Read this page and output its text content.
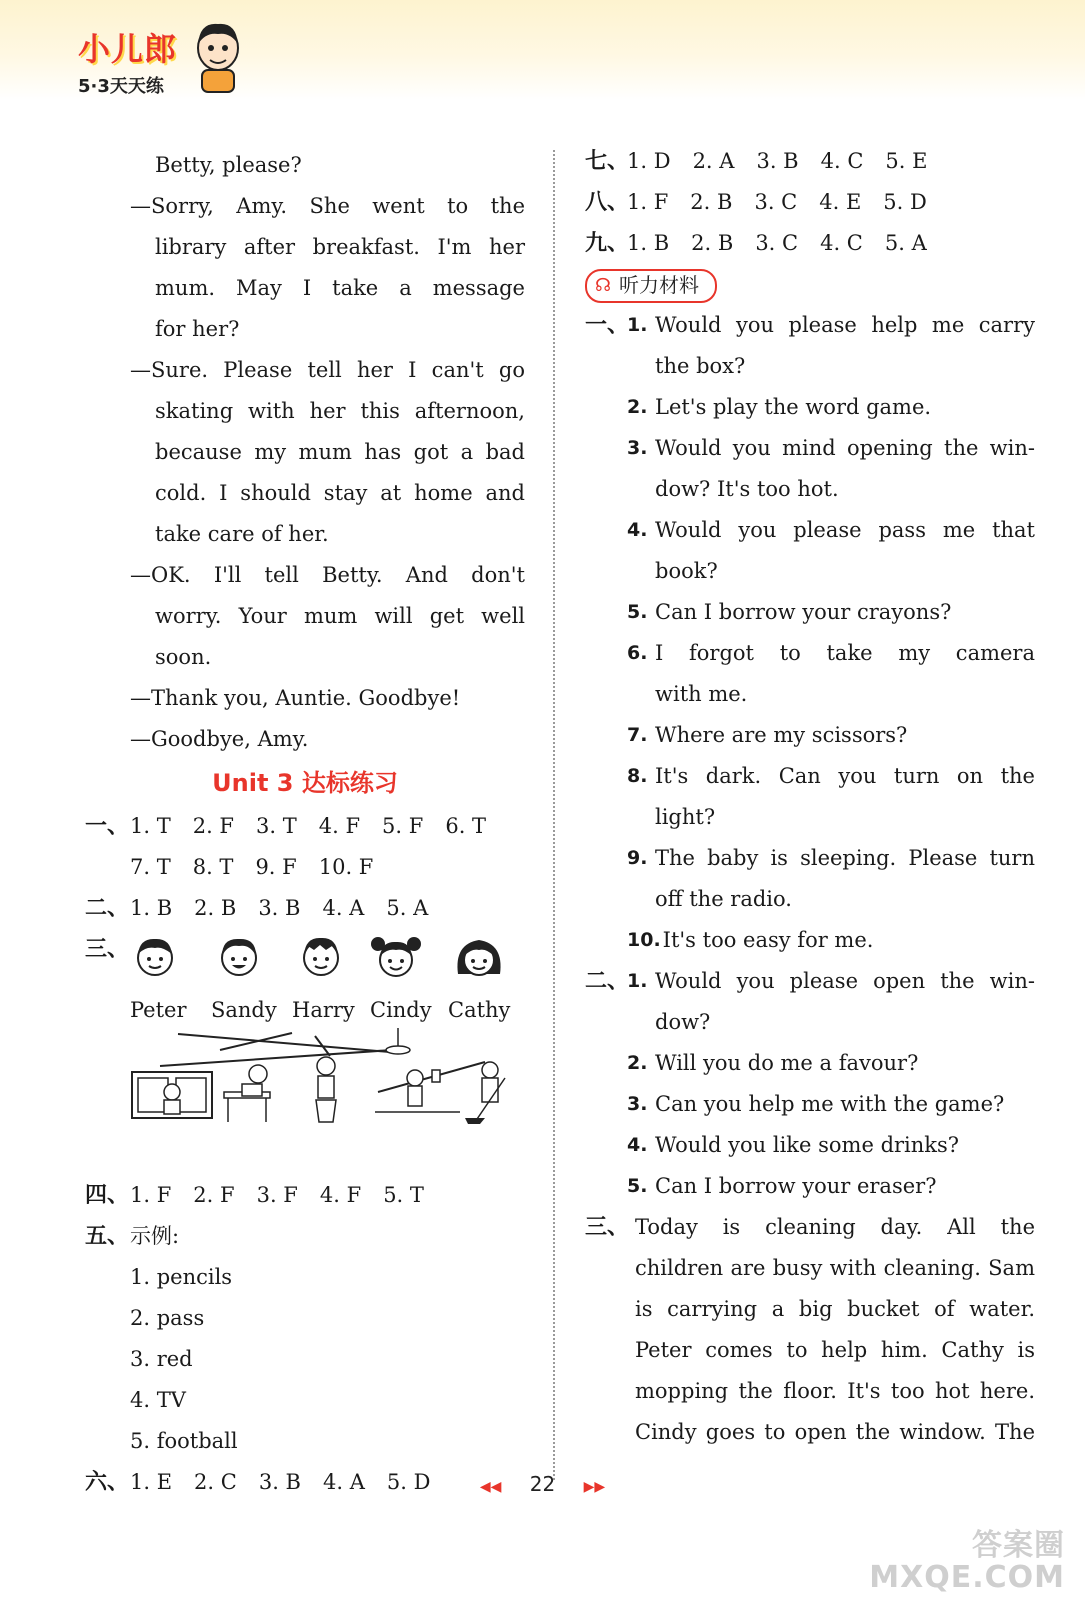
小儿郎
5·3天天练
Betty, please?
—Sorry, Amy. She went to the
library after breakfast. I'm her
mum. May I take a message
for her?
—Sure. Please tell her I can't go
skating with her this afternoon,
because my mum has got a bad
cold. I should stay at home and
take care of her.
—OK. I'll tell Betty. And don't
worry. Your mum will get well
soon.
—Thank you, Auntie. Goodbye!
—Goodbye, Amy.
Unit 3 达标练习
一、1. T 2. F 3. T 4. F 5. F 6. T
7. T 8. T 9. F 10. F
二、1. B 2. B 3. B 4. A 5. A
三、
四、1. F 2. F 3. F 4. F 5. T
五、示例:
1. pencils
2. pass
3. red
4. TV
5. football
六、1. E 2. C 3. B 4. A 5. D
Peter Sandy Harry Cindy Cathy
七、1. D 2. A 3. B 4. C 5. E
八、1. F 2. B 3. C 4. E 5. D
九、1. B 2. B 3. C 4. C 5. A
☊ 听力材料
一、
1. Would you please help me carry
the box?
2. Let's play the word game.
3. Would you mind opening the win-
dow? It's too hot.
4. Would you please pass me that
book?
5. Can I borrow your crayons?
6. I forgot to take my camera
with me.
7. Where are my scissors?
8. It's dark. Can you turn on the
light?
9. The baby is sleeping. Please turn
off the radio.
10. It's too easy for me.
二、
1. Would you please open the win-
dow?
2. Will you do me a favour?
3. Can you help me with the game?
4. Would you like some drinks?
5. Can I borrow your eraser?
三、 Today is cleaning day. All the
children are busy with cleaning. Sam
is carrying a big bucket of water.
Peter comes to help him. Cathy is
mopping the floor. It's too hot here.
Cindy goes to open the window. The
◀◀ 22 ▶▶
答案圈
MXQE.COM
